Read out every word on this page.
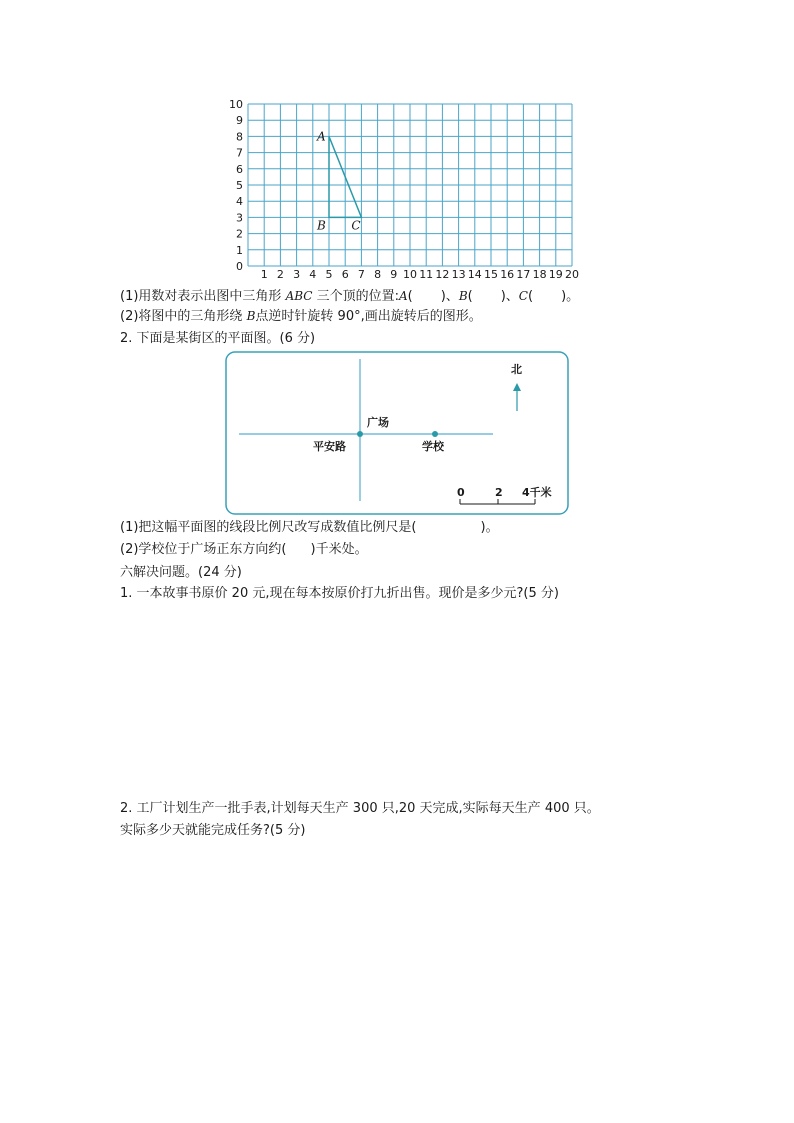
1 2 3 4 5 6 7 8 9 10 11 12 13 14 15 16 17 18 19 20
0
1
2
3
4
5
6
7
8
9
10
A
B C
(1)用数对表示出图中三角形 ABC 三个顶的位置:A( )、B( )、C( )。
(2)将图中的三角形绕 B点逆时针旋转 90°,画出旋转后的图形。
2. 下面是某街区的平面图。(6 分)
广场
平安路	学校
北
0	2 4千米
(1)把这幅平面图的线段比例尺改写成数值比例尺是(	)。
(2)学校位于广场正东方向约( )千米处。
六解决问题。(24 分)
1. 一本故事书原价 20 元,现在每本按原价打九折出售。现价是多少元?(5 分)
2. 工厂计划生产一批手表,计划每天生产 300 只,20 天完成,实际每天生产 400 只。
实际多少天就能完成任务?(5 分)
